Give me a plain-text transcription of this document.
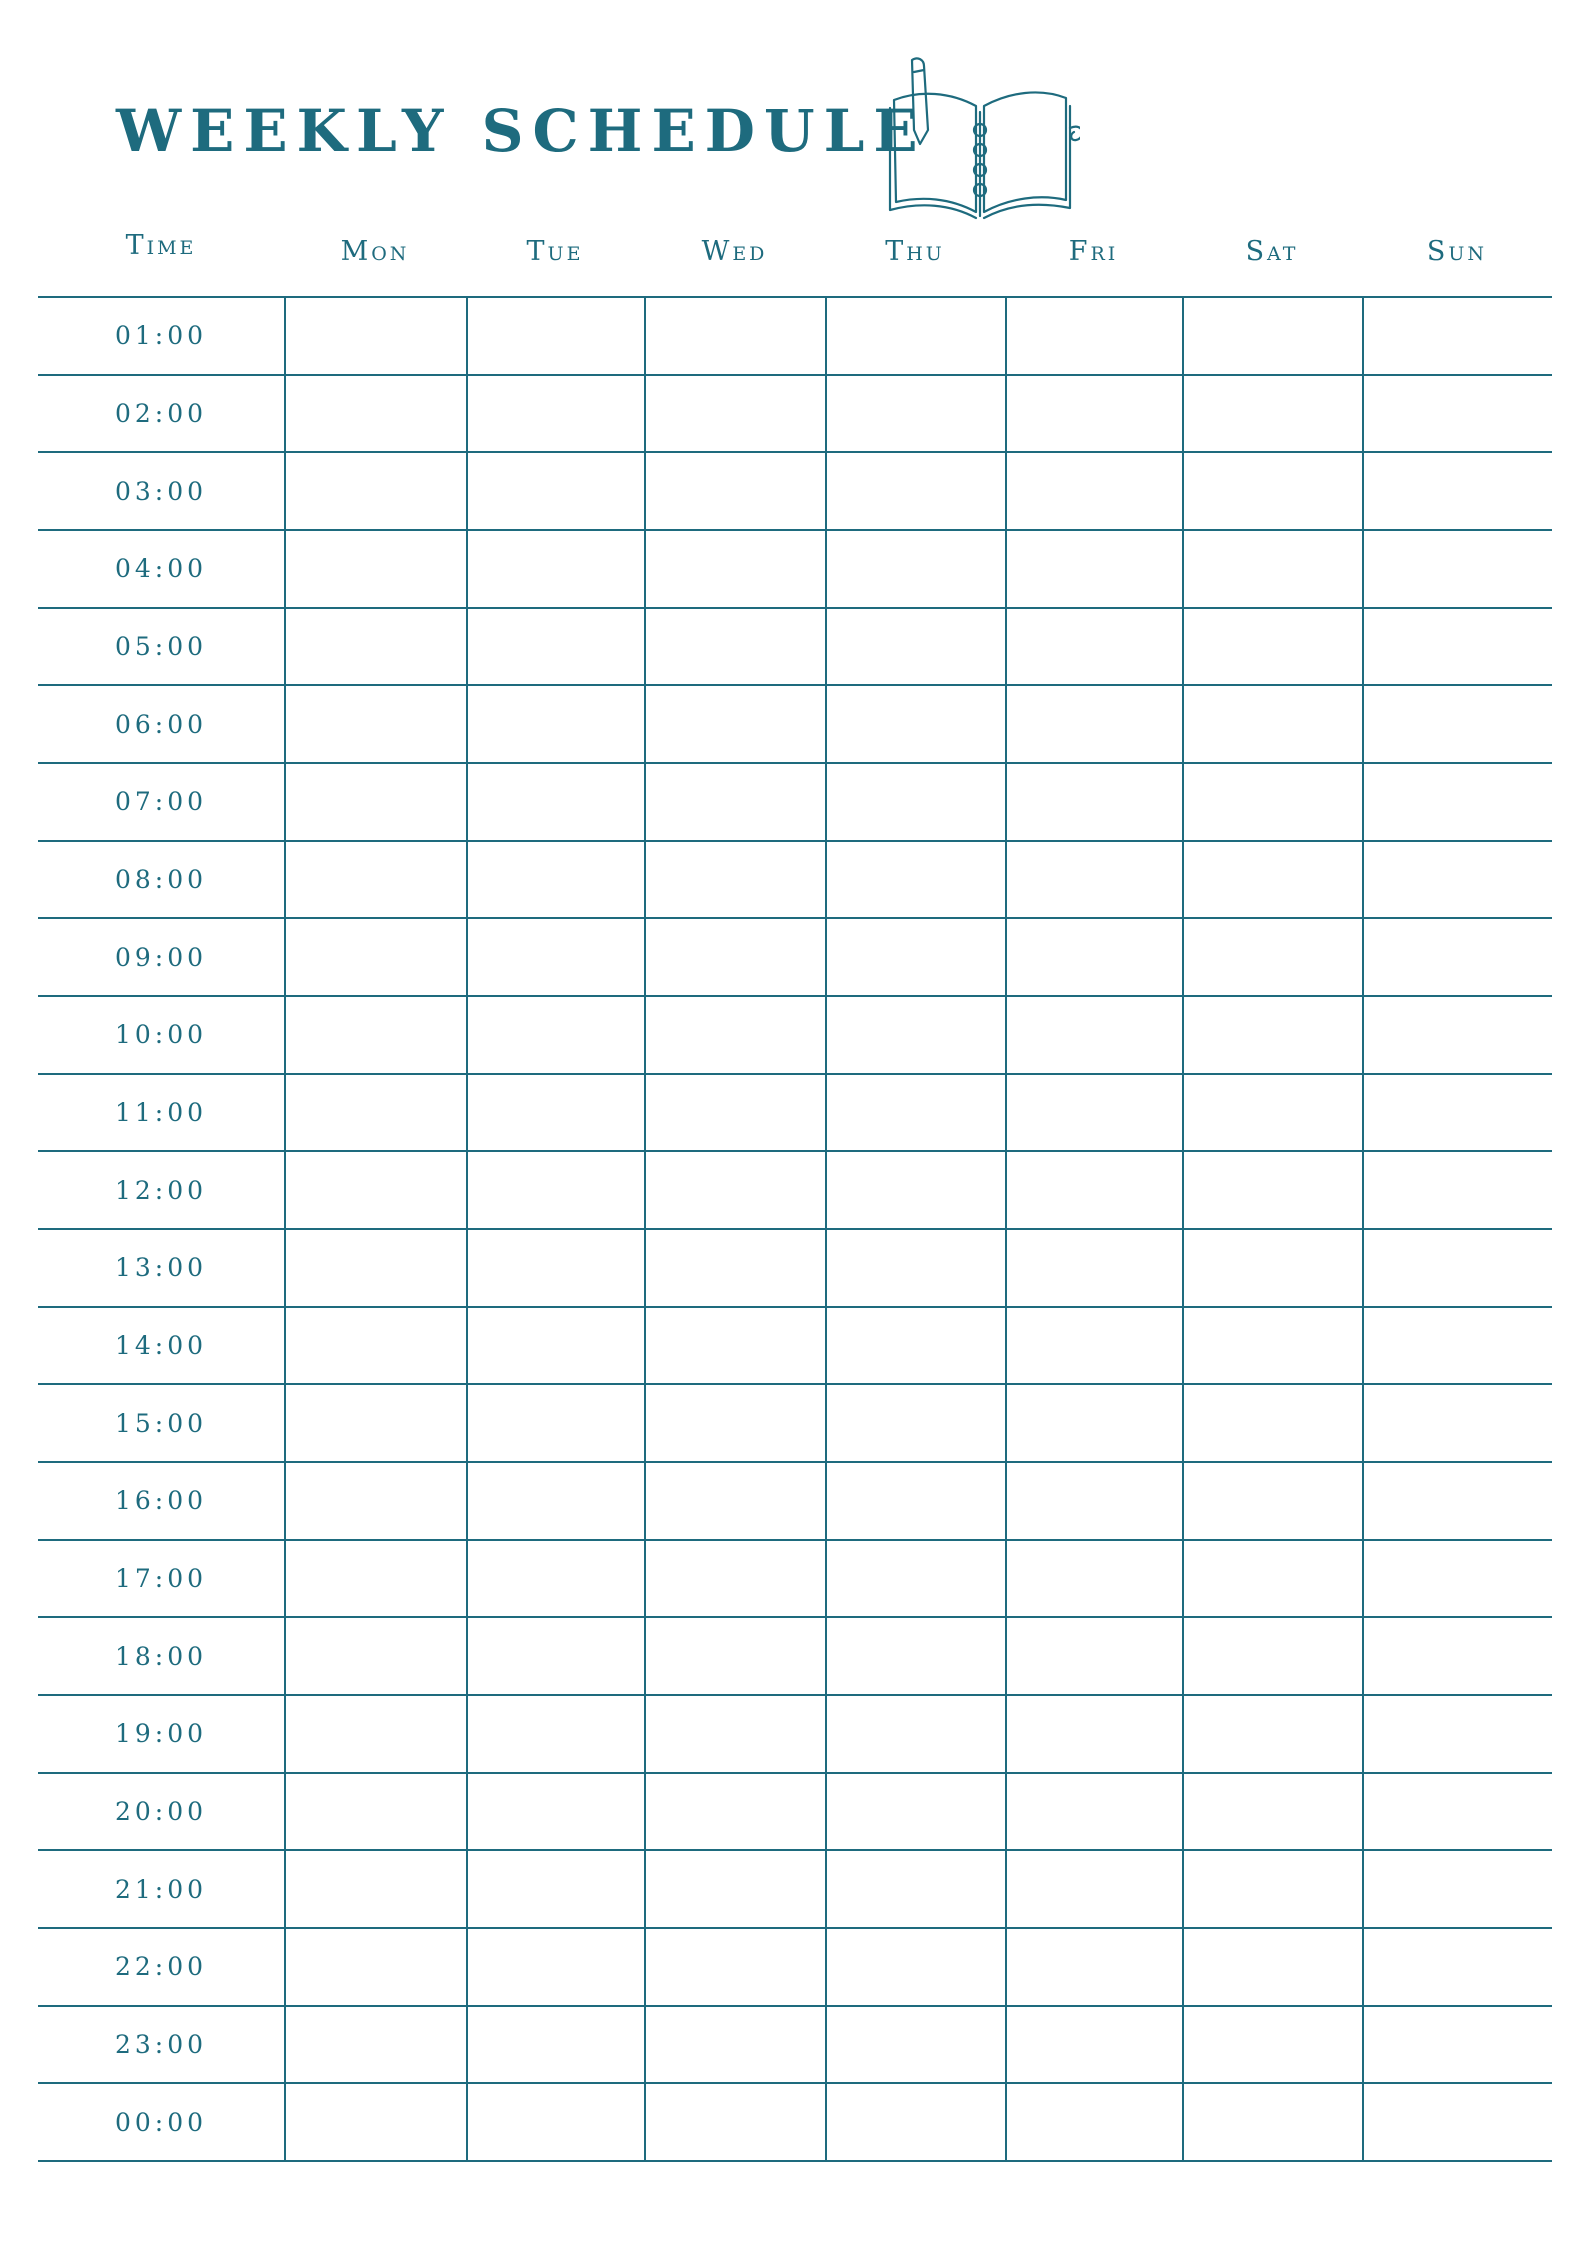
WEEKLY SCHEDULE
Time	Mon	Tue	Wed	Thu	Fri	Sat	Sun
01:00
02:00
03:00
04:00
05:00
06:00
07:00
08:00
09:00
10:00
11:00
12:00
13:00
14:00
15:00
16:00
17:00
18:00
19:00
20:00
21:00
22:00
23:00
00:00
